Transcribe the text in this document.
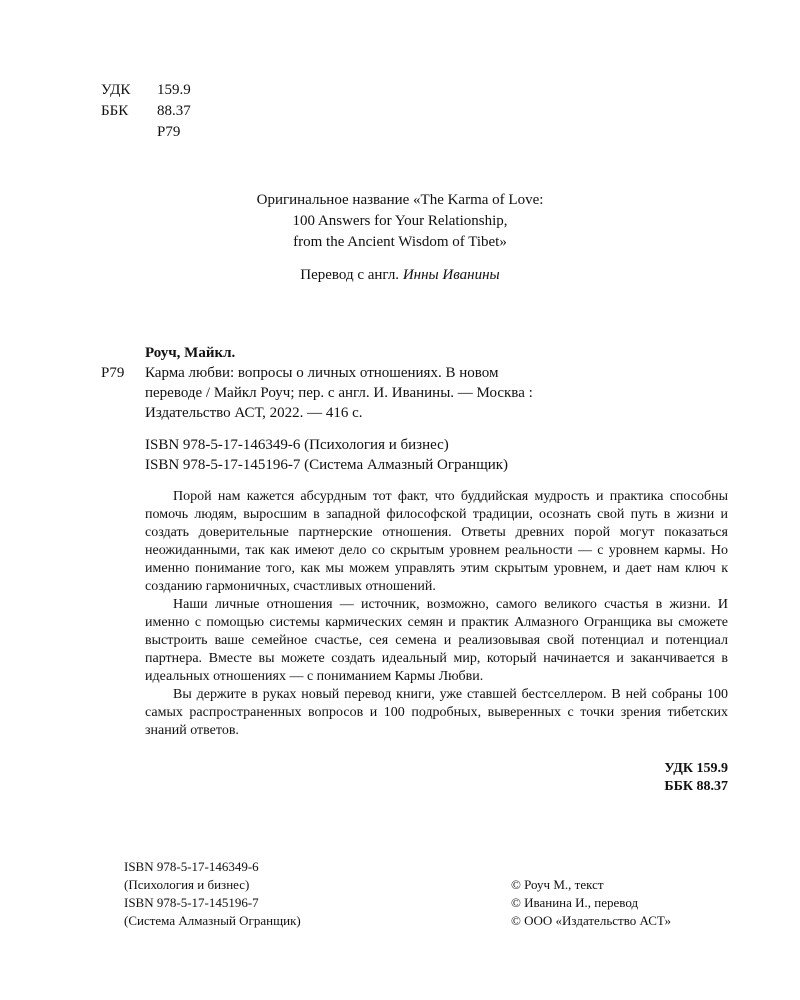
УДК	159.9
ББК	88.37
Р79
Оригинальное название «The Karma of Love:
100 Answers for Your Relationship,
from the Ancient Wisdom of Tibet»
Перевод с англ. Инны Иванины
Роуч, Майкл.
Р79	Карма любви: вопросы о личных отношениях. В новом
переводе / Майкл Роуч; пер. с англ. И. Иванины. — Москва :
Издательство АСТ, 2022. — 416 с.
ISBN 978-5-17-146349-6 (Психология и бизнес)
ISBN 978-5-17-145196-7 (Система Алмазный Огранщик)

Порой нам кажется абсурдным тот факт, что буддийская мудрость и практика способны помочь людям, выросшим в западной философской традиции, осознать свой путь в жизни и создать доверительные партнерские отношения. Ответы древних порой могут показаться неожиданными, так как имеют дело со скрытым уровнем реальности — с уровнем кармы. Но именно понимание того, как мы можем управлять этим скрытым уровнем, и дает нам ключ к созданию гармоничных, счастливых отношений.

Наши личные отношения — источник, возможно, самого великого счастья в жизни. И именно с помощью системы кармических семян и практик Алмазного Огранщика вы сможете выстроить ваше семейное счастье, сея семена и реализовывая свой потенциал и потенциал партнера. Вместе вы можете создать идеальный мир, который начинается и заканчивается в идеальных отношениях — с пониманием Кармы Любви.

Вы держите в руках новый перевод книги, уже ставшей бестселлером. В ней собраны 100 самых распространенных вопросов и 100 подробных, выверенных с точки зрения тибетских знаний ответов.

УДК 159.9
ББК 88.37
ISBN 978-5-17-146349-6
(Психология и бизнес)
ISBN 978-5-17-145196-7
(Система Алмазный Огранщик)
© Роуч М., текст
© Иванина И., перевод
© ООО «Издательство АСТ»
